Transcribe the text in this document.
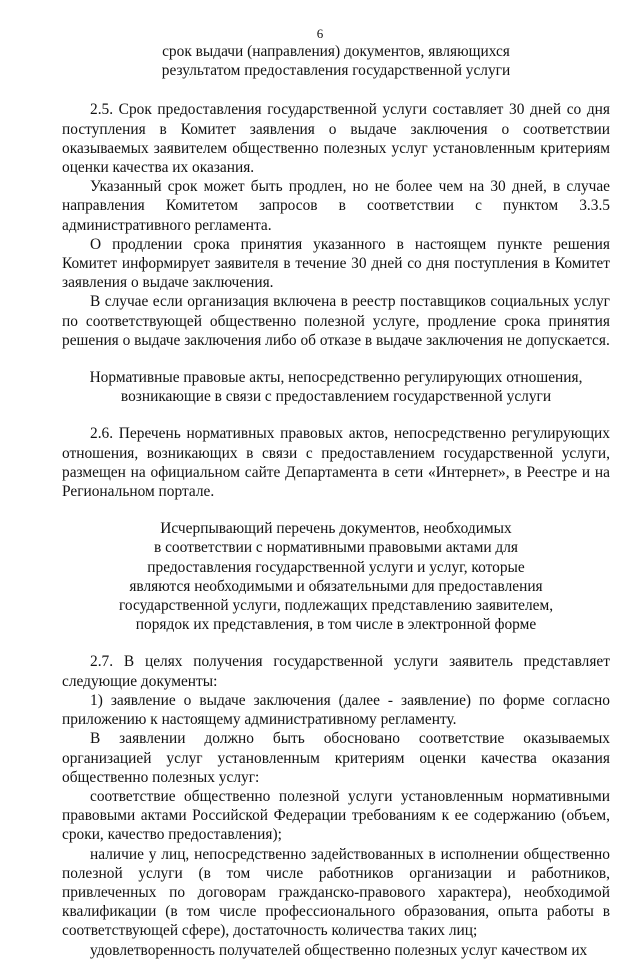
6
срок выдачи (направления) документов, являющихся
результатом предоставления государственной услуги

2.5. Срок предоставления государственной услуги составляет 30 дней со дня поступления в Комитет заявления о выдаче заключения о соответствии оказываемых заявителем общественно полезных услуг установленным критериям оценки качества их оказания.

Указанный срок может быть продлен, но не более чем на 30 дней, в случае направления Комитетом запросов в соответствии с пунктом 3.3.5 административного регламента.

О продлении срока принятия указанного в настоящем пункте решения Комитет информирует заявителя в течение 30 дней со дня поступления в Комитет заявления о выдаче заключения.

В случае если организация включена в реестр поставщиков социальных услуг по соответствующей общественно полезной услуге, продление срока принятия решения о выдаче заключения либо об отказе в выдаче заключения не допускается.

Нормативные правовые акты, непосредственно регулирующих отношения,
возникающие в связи с предоставлением государственной услуги

2.6. Перечень нормативных правовых актов, непосредственно регулирующих отношения, возникающих в связи с предоставлением государственной услуги, размещен на официальном сайте Департамента в сети «Интернет», в Реестре и на Региональном портале.

Исчерпывающий перечень документов, необходимых
в соответствии с нормативными правовыми актами для
предоставления государственной услуги и услуг, которые
являются необходимыми и обязательными для предоставления
государственной услуги, подлежащих представлению заявителем,
порядок их представления, в том числе в электронной форме

2.7. В целях получения государственной услуги заявитель представляет следующие документы:

1) заявление о выдаче заключения (далее - заявление) по форме согласно приложению к настоящему административному регламенту.

В заявлении должно быть обосновано соответствие оказываемых организацией услуг установленным критериям оценки качества оказания общественно полезных услуг:

соответствие общественно полезной услуги установленным нормативными правовыми актами Российской Федерации требованиям к ее содержанию (объем, сроки, качество предоставления);

наличие у лиц, непосредственно задействованных в исполнении общественно полезной услуги (в том числе работников организации и работников, привлеченных по договорам гражданско-правового характера), необходимой квалификации (в том числе профессионального образования, опыта работы в соответствующей сфере), достаточность количества таких лиц;

удовлетворенность получателей общественно полезных услуг качеством их
